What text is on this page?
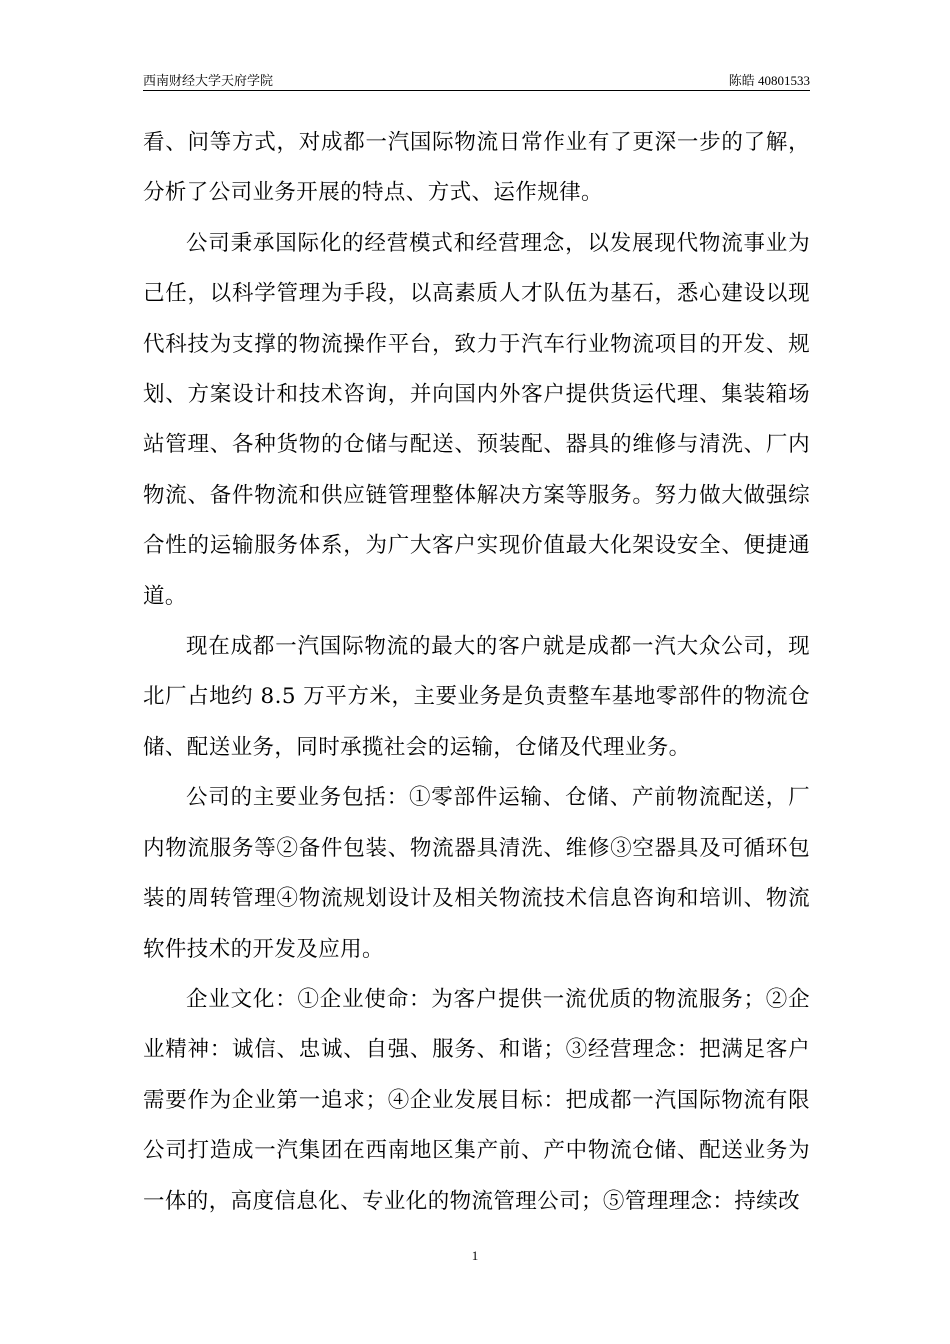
西南财经大学天府学院	陈皓 40801533

看、问等方式，对成都一汽国际物流日常作业有了更深一步的了解，分析了公司业务开展的特点、方式、运作规律。

公司秉承国际化的经营模式和经营理念，以发展现代物流事业为己任，以科学管理为手段，以高素质人才队伍为基石，悉心建设以现代科技为支撑的物流操作平台，致力于汽车行业物流项目的开发、规划、方案设计和技术咨询，并向国内外客户提供货运代理、集装箱场站管理、各种货物的仓储与配送、预装配、器具的维修与清洗、厂内物流、备件物流和供应链管理整体解决方案等服务。努力做大做强综合性的运输服务体系，为广大客户实现价值最大化架设安全、便捷通道。

现在成都一汽国际物流的最大的客户就是成都一汽大众公司，现北厂占地约 8.5 万平方米，主要业务是负责整车基地零部件的物流仓储、配送业务，同时承揽社会的运输，仓储及代理业务。

公司的主要业务包括：①零部件运输、仓储、产前物流配送，厂内物流服务等②备件包装、物流器具清洗、维修③空器具及可循环包装的周转管理④物流规划设计及相关物流技术信息咨询和培训、物流软件技术的开发及应用。

企业文化：①企业使命：为客户提供一流优质的物流服务；②企业精神：诚信、忠诚、自强、服务、和谐；③经营理念：把满足客户需要作为企业第一追求；④企业发展目标：把成都一汽国际物流有限公司打造成一汽集团在西南地区集产前、产中物流仓储、配送业务为一体的，高度信息化、专业化的物流管理公司；⑤管理理念：持续改

1
